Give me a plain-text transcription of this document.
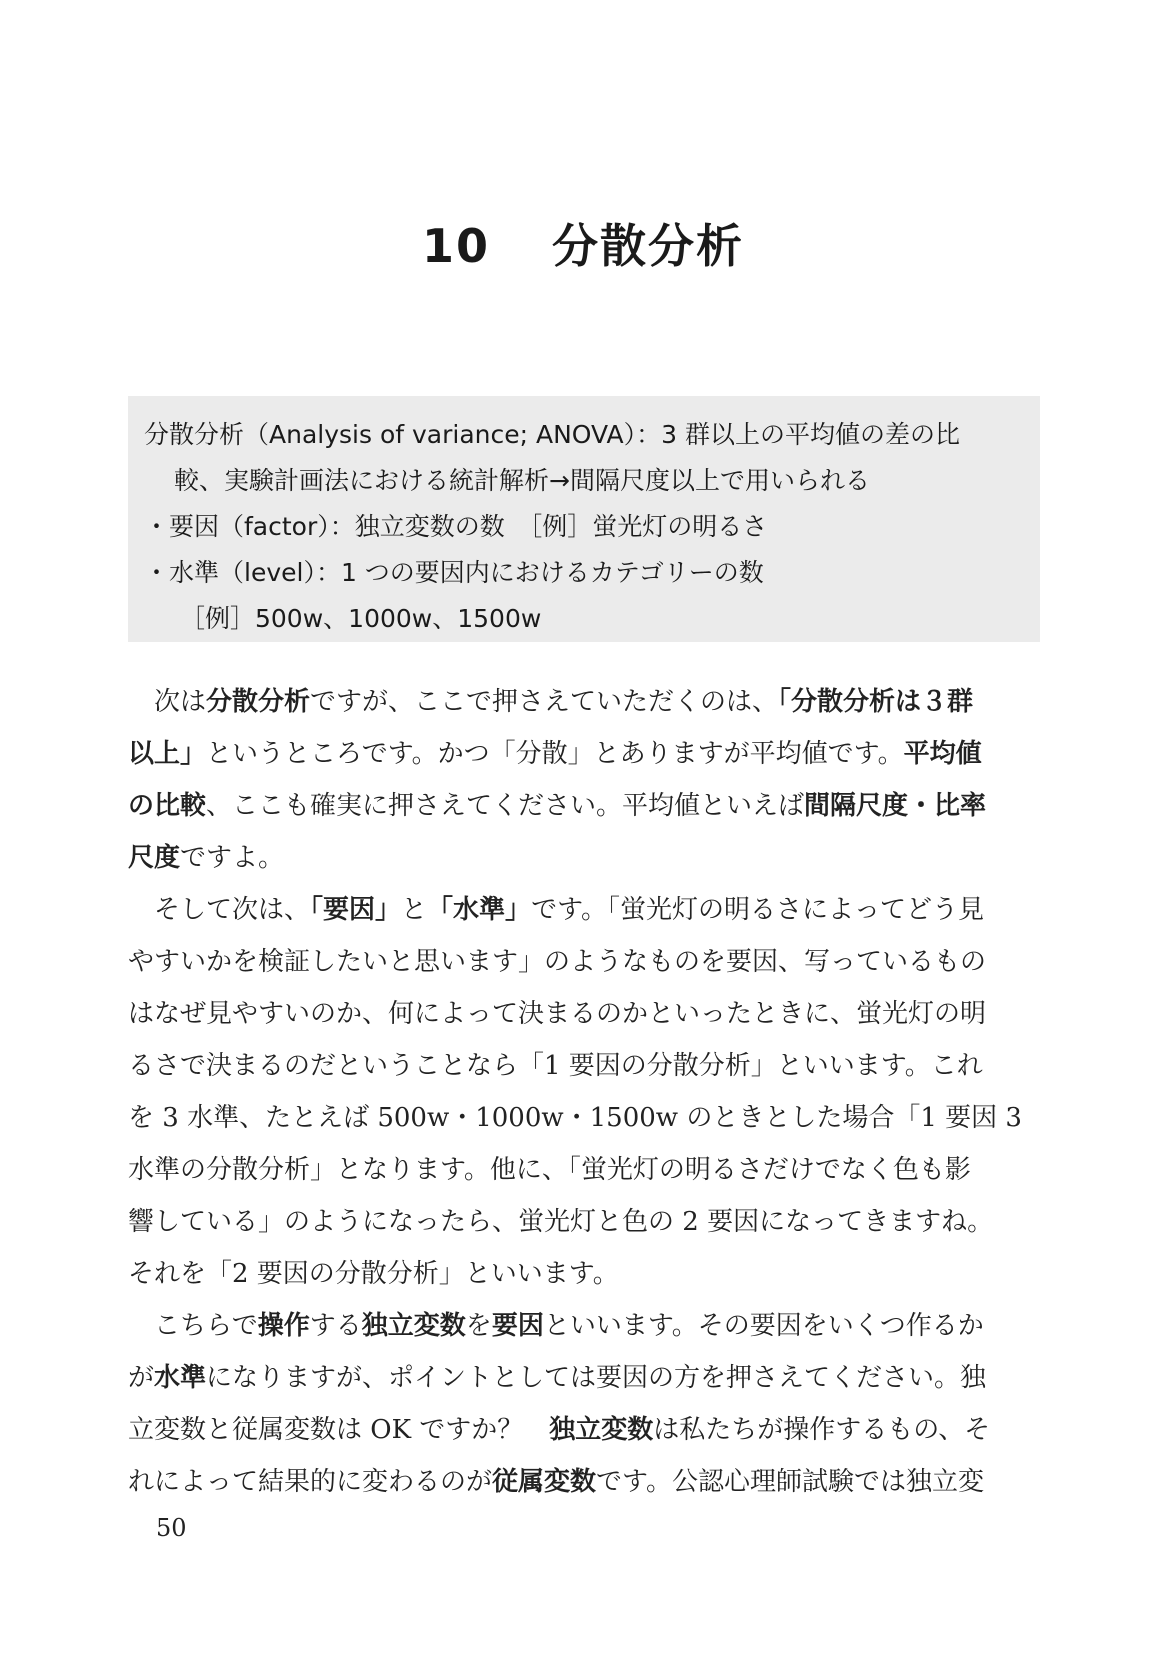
10 分散分析
分散分析（Analysis of variance; ANOVA）：3 群以上の平均値の差の比
較、実験計画法における統計解析→間隔尺度以上で用いられる
・要因（factor）：独立変数の数　［例］蛍光灯の明るさ
・水準（level）：1 つの要因内におけるカテゴリーの数
［例］500w、1000w、1500w
　次は分散分析ですが、ここで押さえていただくのは、「分散分析は３群
以上」というところです。かつ「分散」とありますが平均値です。平均値
の比較、ここも確実に押さえてください。平均値といえば間隔尺度・比率
尺度ですよ。
　そして次は、「要因」と「水準」です。「蛍光灯の明るさによってどう見
やすいかを検証したいと思います」のようなものを要因、写っているもの
はなぜ見やすいのか、何によって決まるのかといったときに、蛍光灯の明
るさで決まるのだということなら「1 要因の分散分析」といいます。これ
を 3 水準、たとえば 500w・1000w・1500w のときとした場合「1 要因 3
水準の分散分析」となります。他に、「蛍光灯の明るさだけでなく色も影
響している」のようになったら、蛍光灯と色の 2 要因になってきますね。
それを「2 要因の分散分析」といいます。
　こちらで操作する独立変数を要因といいます。その要因をいくつ作るか
が水準になりますが、ポイントとしては要因の方を押さえてください。独
立変数と従属変数は OK ですか？　独立変数は私たちが操作するもの、そ
れによって結果的に変わるのが従属変数です。公認心理師試験では独立変
50
